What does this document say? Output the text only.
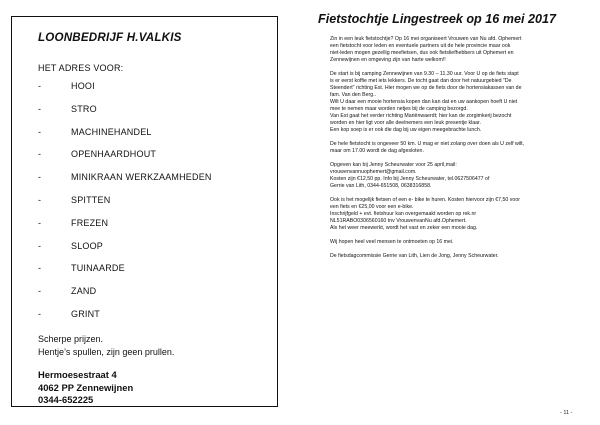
LOONBEDRIJF H.VALKIS
HET ADRES VOOR:
-	HOOI
-	STRO
-	MACHINEHANDEL
-	OPENHAARDHOUT
-	MINIKRAAN WERKZAAMHEDEN
-	SPITTEN
-	FREZEN
-	SLOOP
-	TUINAARDE
-	ZAND
-	GRINT
Scherpe prijzen.
Hentje’s spullen, zijn geen prullen.
Hermoesestraat 4
4062 PP Zennewijnen
0344-652225
Fietstochtje Lingestreek op 16 mei 2017
Zin in een leuk fietstochtje? Op 16 mei organiseert Vrouwen van Nu afd. Ophemert
een fietstocht voor leden en eventuele partners uit de hele provincie maar ook
niet-leden mogen gezellig meefietsen, dus ook fietsliefhebbers uit Ophemert en
Zennewijnen en omgeving zijn van harte welkom!!
De start is bij camping Zennewijnen van 9.30 – 11.30 uur. Voor U op de fiets stapt
is er eerst koffie met iets lekkers. De tocht gaat dan door het natuurgebied "De
Steendert" richting Est. Hier mogen we op de fiets door de hortensiakassen van de
fam. Van den Berg..
Wilt U daar een mooie hortensia kopen dan kan dat en uw aankopen hoeft U niet
mee te nemen maar worden netjes bij de camping bezorgd.
Van Est gaat het verder richting Mariënwaerdt; hier kan de zorgimkerij bezocht
worden en hier ligt voor alle deelnemers een leuk presentje klaar.
Een kop soep is er ook die dag bij uw eigen meegebrachte lunch.
De hele fietstocht is ongeveer 50 km. U mag er niet zolang over doen als U zelf wilt,
maar om 17.00 wordt de dag afgesloten.
Opgeven kan bij Jenny Scheurwater voor 25 april,mail:
vrouwenvannuophemert@gmail.com.
Kosten zijn €12,50 pp. Info bij Jenny Scheurwater, tel.0627506477 of
Gerrie van Lith, 0344-651508, 0638316858.
Ook is het mogelijk fietsen of een e- bike te huren. Kosten hiervoor zijn €7,50 voor
een fiets en €25,00 voor een e-bike.
Inschrijfgeld + evt. fietshuur kan overgemaakt worden op rek.nr
NL51RABO0306560160 tnv VrouwenvanNu afd.Ophemert.
Als het weer meewerkt, wordt het vast en zeker een mooie dag.
Wij hopen heel veel mensen te ontmoeten op 16 mei.
De fietsdagcommissie Gerrie van Lith, Lien de Jong, Jenny Scheurwater.
- 11 -
